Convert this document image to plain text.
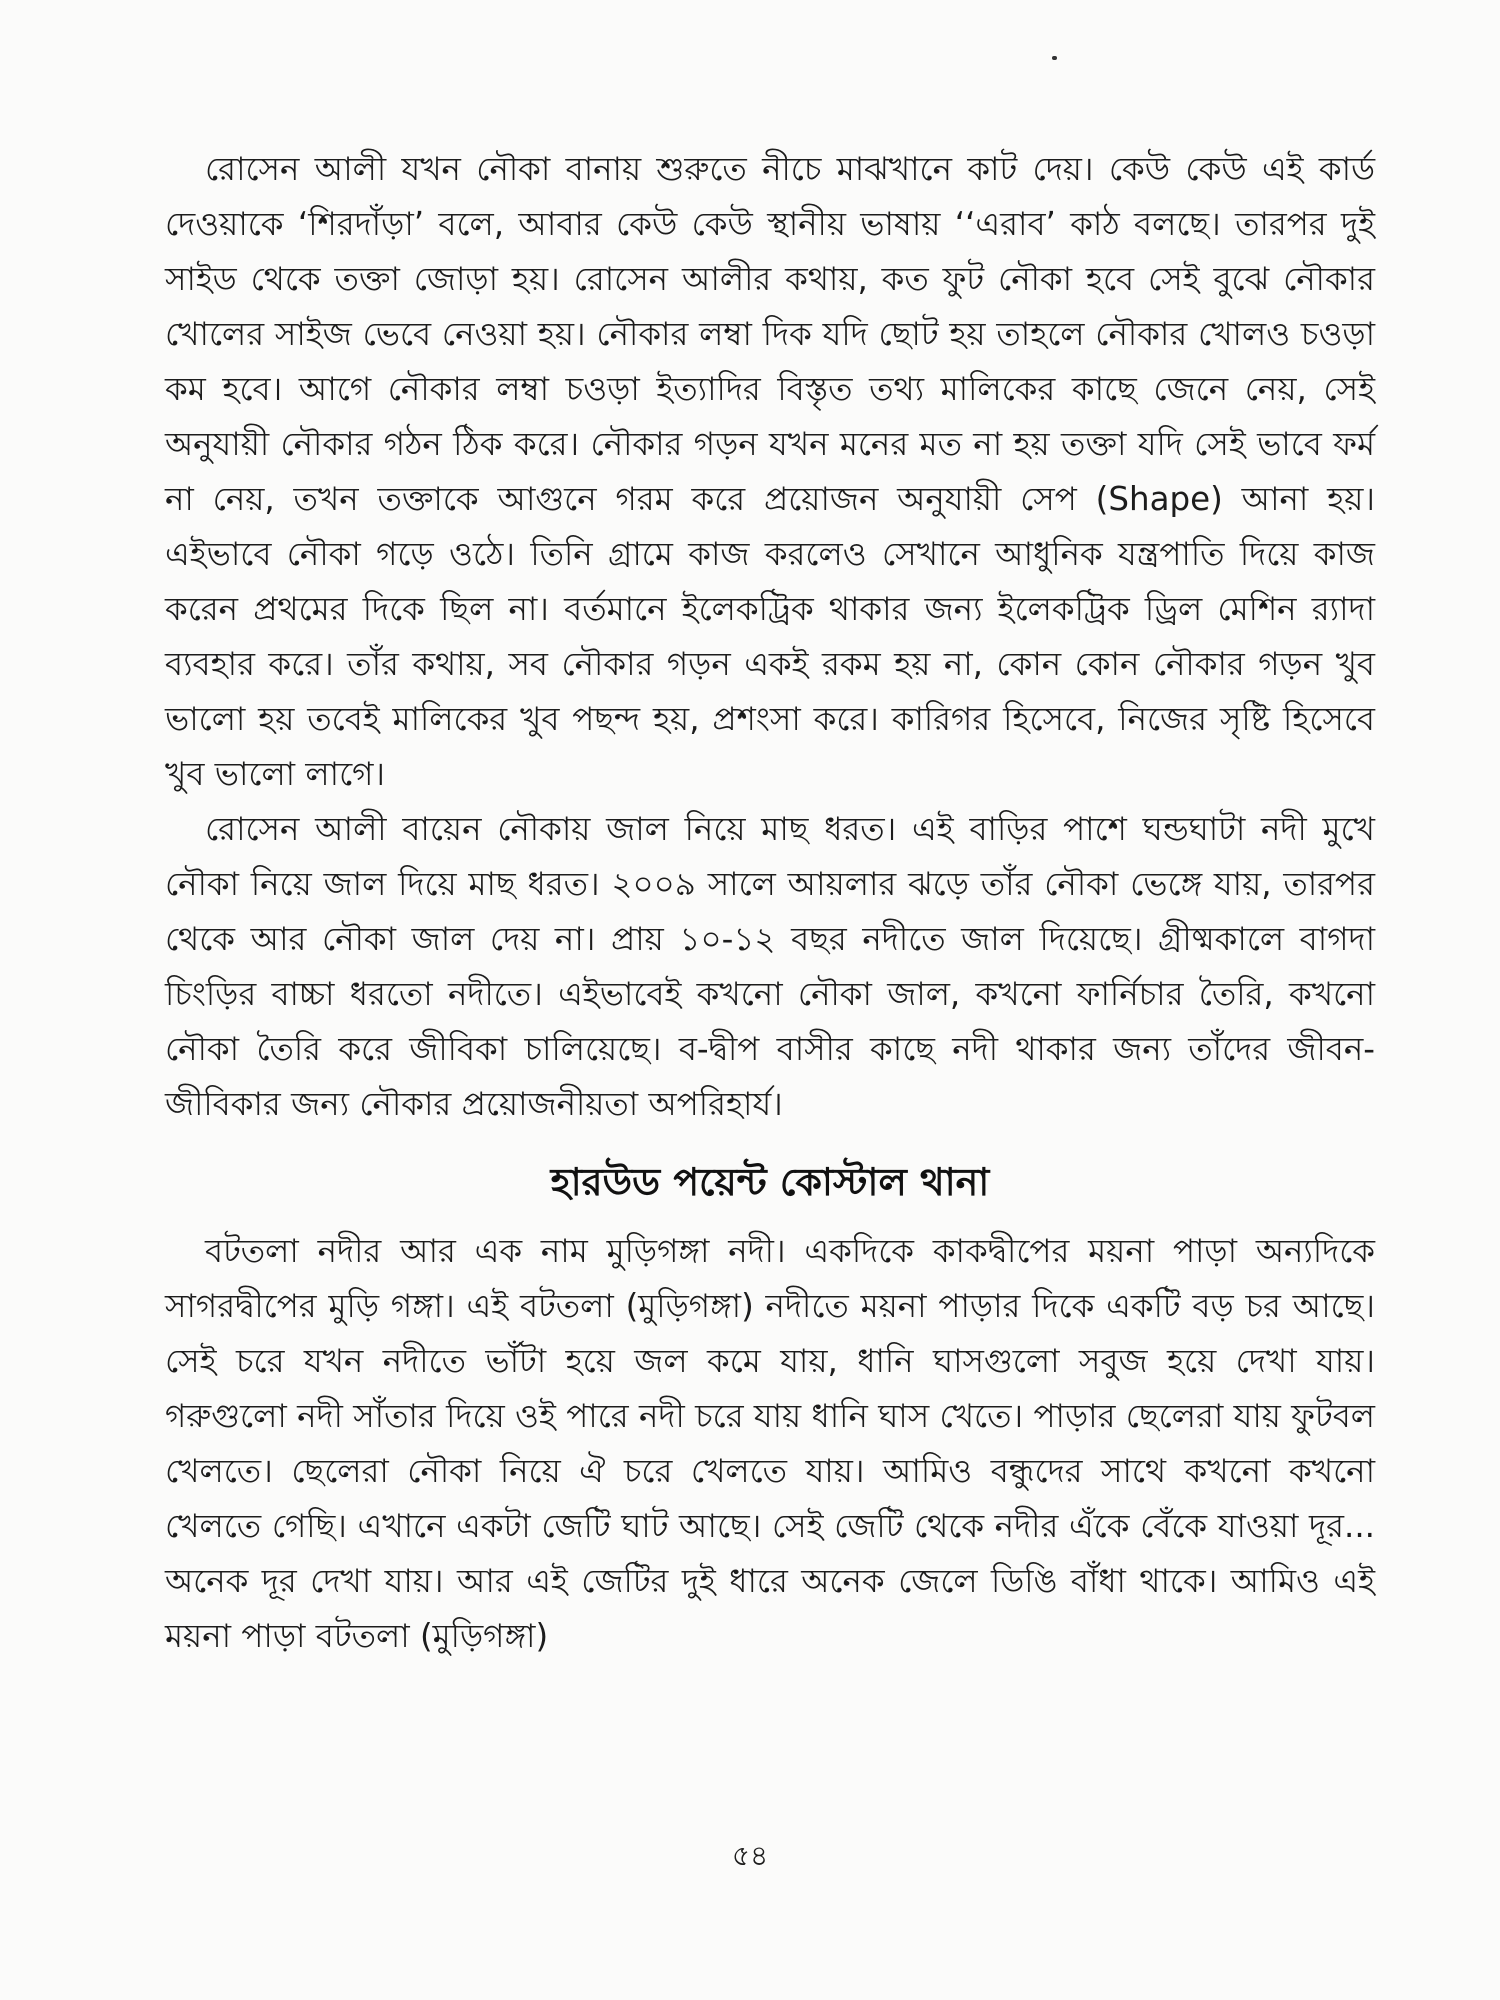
রোসেন আলী যখন নৌকা বানায় শুরুতে নীচে মাঝখানে কাট দেয়। কেউ কেউ এই কার্ড দেওয়াকে ‘শিরদাঁড়া’ বলে, আবার কেউ কেউ স্থানীয় ভাষায় ‘‘এরাব’ কাঠ বলছে। তারপর দুই সাইড থেকে তক্তা জোড়া হয়। রোসেন আলীর কথায়, কত ফুট নৌকা হবে সেই বুঝে নৌকার খোলের সাইজ ভেবে নেওয়া হয়। নৌকার লম্বা দিক যদি ছোট হয় তাহলে নৌকার খোলও চওড়া কম হবে। আগে নৌকার লম্বা চওড়া ইত্যাদির বিস্তৃত তথ্য মালিকের কাছে জেনে নেয়, সেই অনুযায়ী নৌকার গঠন ঠিক করে। নৌকার গড়ন যখন মনের মত না হয় তক্তা যদি সেই ভাবে ফর্ম না নেয়, তখন তক্তাকে আগুনে গরম করে প্রয়োজন অনুযায়ী সেপ (Shape) আনা হয়। এইভাবে নৌকা গড়ে ওঠে। তিনি গ্রামে কাজ করলেও সেখানে আধুনিক যন্ত্রপাতি দিয়ে কাজ করেন প্রথমের দিকে ছিল না। বর্তমানে ইলেকট্রিক থাকার জন্য ইলেকট্রিক ড্রিল মেশিন র‍্যাদা ব্যবহার করে। তাঁর কথায়, সব নৌকার গড়ন একই রকম হয় না, কোন কোন নৌকার গড়ন খুব ভালো হয় তবেই মালিকের খুব পছন্দ হয়, প্রশংসা করে। কারিগর হিসেবে, নিজের সৃষ্টি হিসেবে খুব ভালো লাগে।

রোসেন আলী বায়েন নৌকায় জাল নিয়ে মাছ ধরত। এই বাড়ির পাশে ঘন্ডঘাটা নদী মুখে নৌকা নিয়ে জাল দিয়ে মাছ ধরত। ২০০৯ সালে আয়লার ঝড়ে তাঁর নৌকা ভেঙ্গে যায়, তারপর থেকে আর নৌকা জাল দেয় না। প্রায় ১০-১২ বছর নদীতে জাল দিয়েছে। গ্রীষ্মকালে বাগদা চিংড়ির বাচ্চা ধরতো নদীতে। এইভাবেই কখনো নৌকা জাল, কখনো ফার্নিচার তৈরি, কখনো নৌকা তৈরি করে জীবিকা চালিয়েছে। ব-দ্বীপ বাসীর কাছে নদী থাকার জন্য তাঁদের জীবন-জীবিকার জন্য নৌকার প্রয়োজনীয়তা অপরিহার্য।

হারউড পয়েন্ট কোস্টাল থানা

বটতলা নদীর আর এক নাম মুড়িগঙ্গা নদী। একদিকে কাকদ্বীপের ময়না পাড়া অন্যদিকে সাগরদ্বীপের মুড়ি গঙ্গা। এই বটতলা (মুড়িগঙ্গা) নদীতে ময়না পাড়ার দিকে একটি বড় চর আছে। সেই চরে যখন নদীতে ভাঁটা হয়ে জল কমে যায়, ধানি ঘাসগুলো সবুজ হয়ে দেখা যায়। গরুগুলো নদী সাঁতার দিয়ে ওই পারে নদী চরে যায় ধানি ঘাস খেতে। পাড়ার ছেলেরা যায় ফুটবল খেলতে। ছেলেরা নৌকা নিয়ে ঐ চরে খেলতে যায়। আমিও বন্ধুদের সাথে কখনো কখনো খেলতে গেছি। এখানে একটা জেটি ঘাট আছে। সেই জেটি থেকে নদীর এঁকে বেঁকে যাওয়া দূর... অনেক দূর দেখা যায়। আর এই জেটির দুই ধারে অনেক জেলে ডিঙি বাঁধা থাকে। আমিও এই ময়না পাড়া বটতলা (মুড়িগঙ্গা)

৫৪
